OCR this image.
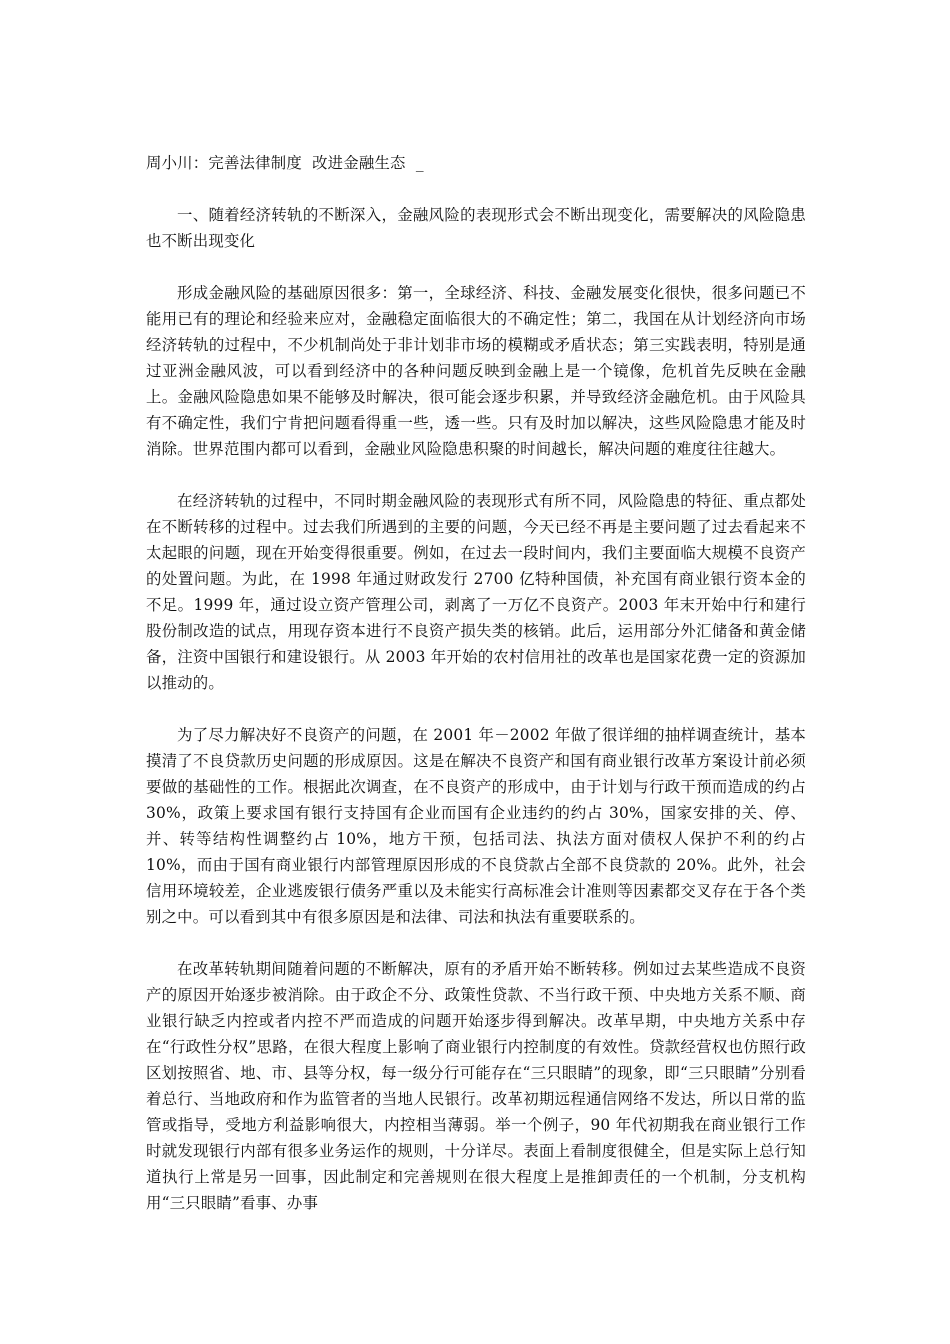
周小川：完善法律制度  改进金融生态  _

一、随着经济转轨的不断深入，金融风险的表现形式会不断出现变化，需要解决的风险隐患也不断出现变化

形成金融风险的基础原因很多：第一，全球经济、科技、金融发展变化很快，很多问题已不能用已有的理论和经验来应对，金融稳定面临很大的不确定性；第二，我国在从计划经济向市场经济转轨的过程中，不少机制尚处于非计划非市场的模糊或矛盾状态；第三实践表明，特别是通过亚洲金融风波，可以看到经济中的各种问题反映到金融上是一个镜像，危机首先反映在金融上。金融风险隐患如果不能够及时解决，很可能会逐步积累，并导致经济金融危机。由于风险具有不确定性，我们宁肯把问题看得重一些，透一些。只有及时加以解决，这些风险隐患才能及时消除。世界范围内都可以看到，金融业风险隐患积聚的时间越长，解决问题的难度往往越大。

在经济转轨的过程中，不同时期金融风险的表现形式有所不同，风险隐患的特征、重点都处在不断转移的过程中。过去我们所遇到的主要的问题，今天已经不再是主要问题了过去看起来不太起眼的问题，现在开始变得很重要。例如，在过去一段时间内，我们主要面临大规模不良资产的处置问题。为此，在 1998 年通过财政发行 2700 亿特种国债，补充国有商业银行资本金的不足。1999 年，通过设立资产管理公司，剥离了一万亿不良资产。2003 年末开始中行和建行股份制改造的试点，用现存资本进行不良资产损失类的核销。此后，运用部分外汇储备和黄金储备，注资中国银行和建设银行。从 2003 年开始的农村信用社的改革也是国家花费一定的资源加以推动的。

为了尽力解决好不良资产的问题，在 2001 年－2002 年做了很详细的抽样调查统计，基本摸清了不良贷款历史问题的形成原因。这是在解决不良资产和国有商业银行改革方案设计前必须要做的基础性的工作。根据此次调查，在不良资产的形成中，由于计划与行政干预而造成的约占 30%，政策上要求国有银行支持国有企业而国有企业违约的约占 30%，国家安排的关、停、并、转等结构性调整约占 10%，地方干预，包括司法、执法方面对债权人保护不利的约占 10%，而由于国有商业银行内部管理原因形成的不良贷款占全部不良贷款的 20%。此外，社会信用环境较差，企业逃废银行债务严重以及未能实行高标准会计准则等因素都交叉存在于各个类别之中。可以看到其中有很多原因是和法律、司法和执法有重要联系的。

在改革转轨期间随着问题的不断解决，原有的矛盾开始不断转移。例如过去某些造成不良资产的原因开始逐步被消除。由于政企不分、政策性贷款、不当行政干预、中央地方关系不顺、商业银行缺乏内控或者内控不严而造成的问题开始逐步得到解决。改革早期，中央地方关系中存在“行政性分权”思路，在很大程度上影响了商业银行内控制度的有效性。贷款经营权也仿照行政区划按照省、地、市、县等分权，每一级分行可能存在“三只眼睛”的现象，即“三只眼睛”分别看着总行、当地政府和作为监管者的当地人民银行。改革初期远程通信网络不发达，所以日常的监管或指导，受地方利益影响很大，内控相当薄弱。举一个例子，90 年代初期我在商业银行工作时就发现银行内部有很多业务运作的规则，十分详尽。表面上看制度很健全，但是实际上总行知道执行上常是另一回事，因此制定和完善规则在很大程度上是推卸责任的一个机制，分支机构用“三只眼睛”看事、办事
